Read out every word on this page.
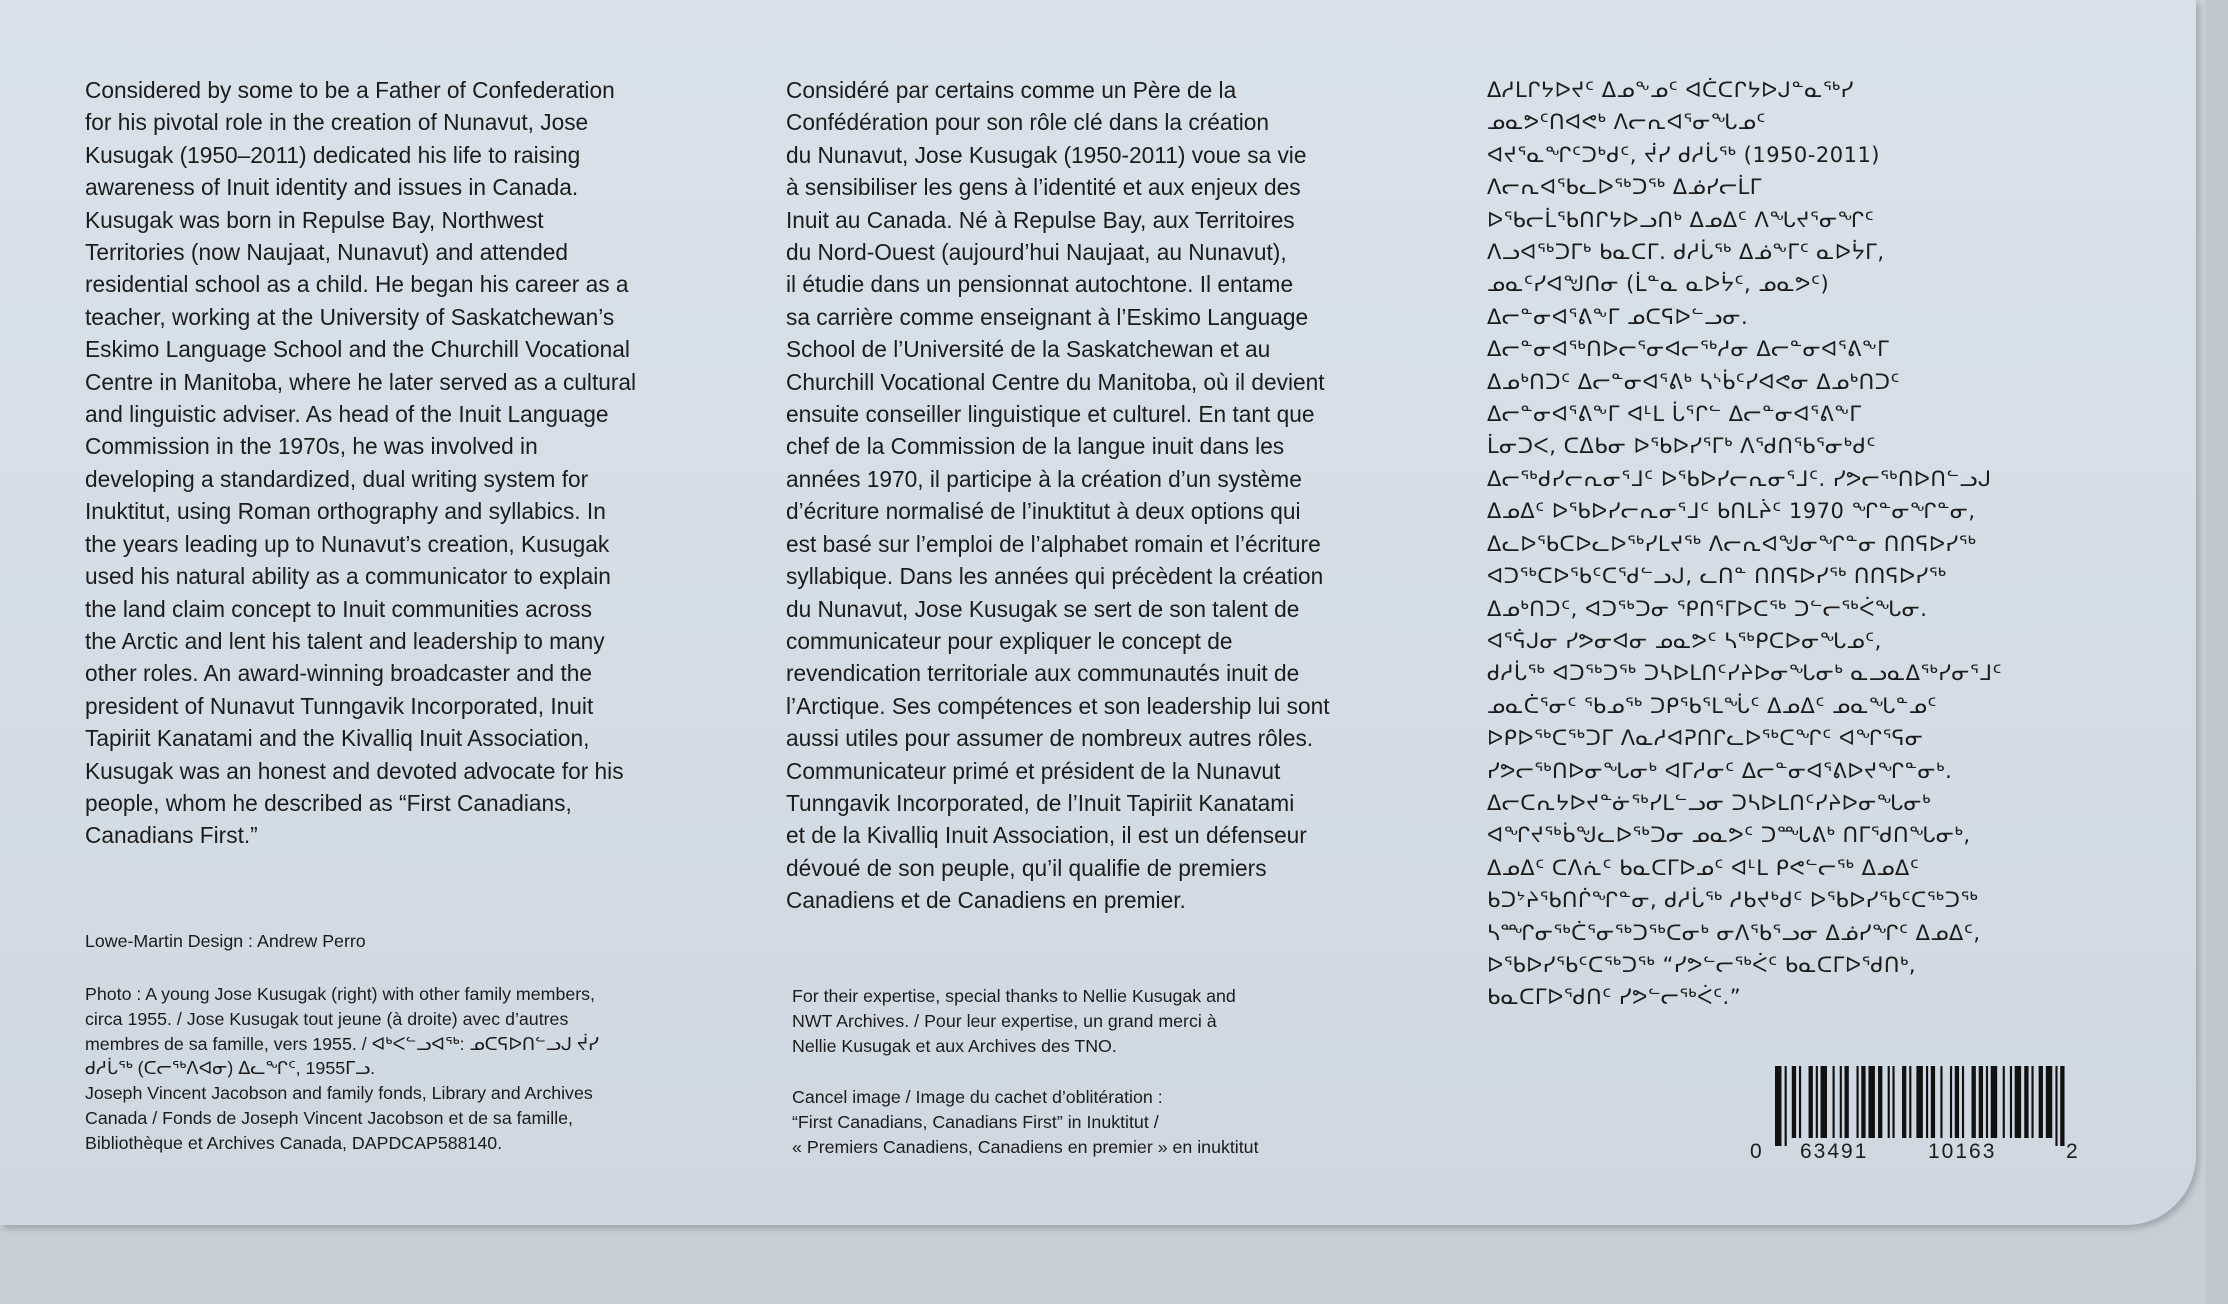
Considered by some to be a Father of Confederation
for his pivotal role in the creation of Nunavut, Jose
Kusugak (1950–2011) dedicated his life to raising
awareness of Inuit identity and issues in Canada.
Kusugak was born in Repulse Bay, Northwest
Territories (now Naujaat, Nunavut) and attended
residential school as a child. He began his career as a
teacher, working at the University of Saskatchewan’s
Eskimo Language School and the Churchill Vocational
Centre in Manitoba, where he later served as a cultural
and linguistic adviser. As head of the Inuit Language
Commission in the 1970s, he was involved in
developing a standardized, dual writing system for
Inuktitut, using Roman orthography and syllabics. In
the years leading up to Nunavut’s creation, Kusugak
used his natural ability as a communicator to explain
the land claim concept to Inuit communities across
the Arctic and lent his talent and leadership to many
other roles. An award-winning broadcaster and the
president of Nunavut Tunngavik Incorporated, Inuit
Tapiriit Kanatami and the Kivalliq Inuit Association,
Kusugak was an honest and devoted advocate for his
people, whom he described as “First Canadians,
Canadians First.”

Considéré par certains comme un Père de la
Confédération pour son rôle clé dans la création
du Nunavut, Jose Kusugak (1950-2011) voue sa vie
à sensibiliser les gens à l’identité et aux enjeux des
Inuit au Canada. Né à Repulse Bay, aux Territoires
du Nord-Ouest (aujourd’hui Naujaat, au Nunavut),
il étudie dans un pensionnat autochtone. Il entame
sa carrière comme enseignant à l’Eskimo Language
School de l’Université de la Saskatchewan et au
Churchill Vocational Centre du Manitoba, où il devient
ensuite conseiller linguistique et culturel. En tant que
chef de la Commission de la langue inuit dans les
années 1970, il participe à la création d’un système
d’écriture normalisé de l’inuktitut à deux options qui
est basé sur l’emploi de l’alphabet romain et l’écriture
syllabique. Dans les années qui précèdent la création
du Nunavut, Jose Kusugak se sert de son talent de
communicateur pour expliquer le concept de
revendication territoriale aux communautés inuit de
l’Arctique. Ses compétences et son leadership lui sont
aussi utiles pour assumer de nombreux autres rôles.
Communicateur primé et président de la Nunavut
Tunngavik Incorporated, de l’Inuit Tapiriit Kanatami
et de la Kivalliq Inuit Association, il est un défenseur
dévoué de son peuple, qu’il qualifie de premiers
Canadiens et de Canadiens en premier.

ᐃᓱᒪᒋᔭᐅᔪᑦ ᐃᓄᖕᓄᑦ ᐊᑖᑕᒋᔭᐅᒍᓐᓇᖅᓯ
ᓄᓇᕗᑦᑎᐊᕙᒃ ᐱᓕᕆᐊᕐᓂᖓᓄᑦ
ᐊᔪᕐᓇᖏᑦᑐᒃᑯᑦ, ᔫᓯ ᑯᓱᒑᖅ (1950-2011)
ᐱᓕᕆᐊᖃᓚᐅᖅᑐᖅ ᐃᓅᓯᓕᒫᒥ
ᐅᖃᓕᒫᖃᑎᒋᔭᐅᓗᑎᒃ ᐃᓄᐃᑦ ᐱᖓᔪᕐᓂᖏᑦ
ᐱᓗᐊᖅᑐᒥᒃ ᑲᓇᑕᒥ. ᑯᓱᒑᖅ ᐃᓅᖕᒥᑦ ᓇᐅᔮᒥ,
ᓄᓇᑦᓯᐊᖑᑎᓂ (ᒫᓐᓇ ᓇᐅᔮᑦ, ᓄᓇᕗᑦ)
ᐃᓕᓐᓂᐊᕐᕕᖕᒥ ᓄᑕᕋᐅᓪᓗᓂ.
ᐃᓕᓐᓂᐊᖅᑎᐅᓕᕐᓂᐊᓕᖅᓱᓂ ᐃᓕᓐᓂᐊᕐᕕᖕᒥ
ᐃᓄᒃᑎᑐᑦ ᐃᓕᓐᓂᐊᕐᕕᒃ ᓴᔅᑳᑦᓯᐊᕙᓂ ᐃᓄᒃᑎᑐᑦ
ᐃᓕᓐᓂᐊᕐᕕᖕᒥ ᐊᒻᒪ ᒑᕐᒋᓪ ᐃᓕᓐᓂᐊᕐᕕᖕᒥ
ᒫᓂᑐᐸ, ᑕᐃᑲᓂ ᐅᖃᐅᓯᕐᒥᒃ ᐱᖁᑎᖃᕐᓂᒃᑯᑦ
ᐃᓕᖅᑯᓯᓕᕆᓂᕐᒧᑦ ᐅᖃᐅᓯᓕᕆᓂᕐᒧᑦ. ᓯᕗᓕᖅᑎᐅᑎᓪᓗᒍ
ᐃᓄᐃᑦ ᐅᖃᐅᓯᓕᕆᓂᕐᒧᑦ ᑲᑎᒪᔩᑦ 1970 ᖏᓐᓂᖏᓐᓂ,
ᐃᓚᐅᖃᑕᐅᓚᐅᖅᓯᒪᔪᖅ ᐱᓕᕆᐊᖑᓂᖏᓐᓂ ᑎᑎᕋᐅᓯᖅ
ᐊᑐᖅᑕᐅᖃᑦᑕᖁᓪᓗᒍ, ᓚᑎᓐ ᑎᑎᕋᐅᓯᖅ ᑎᑎᕋᐅᓯᖅ
ᐃᓄᒃᑎᑐᑦ, ᐊᑐᖅᑐᓂ ᕿᑎᕐᒥᐅᑕᖅ ᑐᓪᓕᖅᐹᖓᓂ.
ᐊᕐᕌᒍᓂ ᓯᕗᓂᐊᓂ ᓄᓇᕗᑦ ᓴᖅᑭᑕᐅᓂᖓᓄᑦ,
ᑯᓱᒑᖅ ᐊᑐᖅᑐᖅ ᑐᓴᐅᒪᑎᑦᓯᔨᐅᓂᖓᓂᒃ ᓇᓗᓇᐃᖅᓯᓂᕐᒧᑦ
ᓄᓇᑖᕐᓂᑦ ᖃᓄᖅ ᑐᑭᖃᕐᒪᖔᑦ ᐃᓄᐃᑦ ᓄᓇᖓᓐᓄᑦ
ᐅᑭᐅᖅᑕᖅᑐᒥ ᐱᓇᓱᐊᕈᑎᒋᓚᐅᖅᑕᖏᑦ ᐊᖏᕐᕋᓂ
ᓯᕗᓕᖅᑎᐅᓂᖓᓂᒃ ᐊᒥᓱᓂᑦ ᐃᓕᓐᓂᐊᕐᕕᐅᔪᖏᓐᓂᒃ.
ᐃᓕᑕᕆᔭᐅᔪᓐᓃᖅᓯᒪᓪᓗᓂ ᑐᓴᐅᒪᑎᑦᓯᔨᐅᓂᖓᓂᒃ
ᐊᖏᔪᖅᑳᖑᓚᐅᖅᑐᓂ ᓄᓇᕗᑦ ᑐᙵᕕᒃ ᑎᒥᖁᑎᖓᓂᒃ,
ᐃᓄᐃᑦ ᑕᐱᕇᑦ ᑲᓇᑕᒥᐅᓄᑦ ᐊᒻᒪ ᑭᕙᓪᓕᖅ ᐃᓄᐃᑦ
ᑲᑐᔾᔨᖃᑎᒌᖏᓐᓂ, ᑯᓱᒑᖅ ᓱᑲᔪᒃᑯᑦ ᐅᖃᐅᓯᖃᑦᑕᖅᑐᖅ
ᓴᙱᓂᖅᑖᕐᓂᖅᑐᖅᑕᓂᒃ ᓂᐱᖃᕐᓗᓂ ᐃᓅᓯᖏᑦ ᐃᓄᐃᑦ,
ᐅᖃᐅᓯᖃᑦᑕᖅᑐᖅ “ᓯᕗᓪᓕᖅᐹᑦ ᑲᓇᑕᒥᐅᖁᑎᒃ,
ᑲᓇᑕᒥᐅᖁᑎᑦ ᓯᕗᓪᓕᖅᐹᑦ.”

Lowe-Martin Design : Andrew Perro

Photo : A young Jose Kusugak (right) with other family members,
circa 1955. / Jose Kusugak tout jeune (à droite) avec d’autres
membres de sa famille, vers 1955. / ᐊᒃᐸᓪᓗᐊᖅ: ᓄᑕᕋᐅᑎᓪᓗᒍ ᔫᓯ
ᑯᓱᒑᖅ (ᑕᓕᖅᐱᐊᓂ) ᐃᓚᖏᑦ, 1955ᒥᓗ.
Joseph Vincent Jacobson and family fonds, Library and Archives
Canada / Fonds de Joseph Vincent Jacobson et de sa famille,
Bibliothèque et Archives Canada, DAPDCAP588140.

For their expertise, special thanks to Nellie Kusugak and
NWT Archives. / Pour leur expertise, un grand merci à
Nellie Kusugak et aux Archives des TNO.

Cancel image / Image du cachet d’oblitération :
“First Canadians, Canadians First” in Inuktitut /
« Premiers Canadiens, Canadiens en premier » en inuktitut	0 63491	10163	2
